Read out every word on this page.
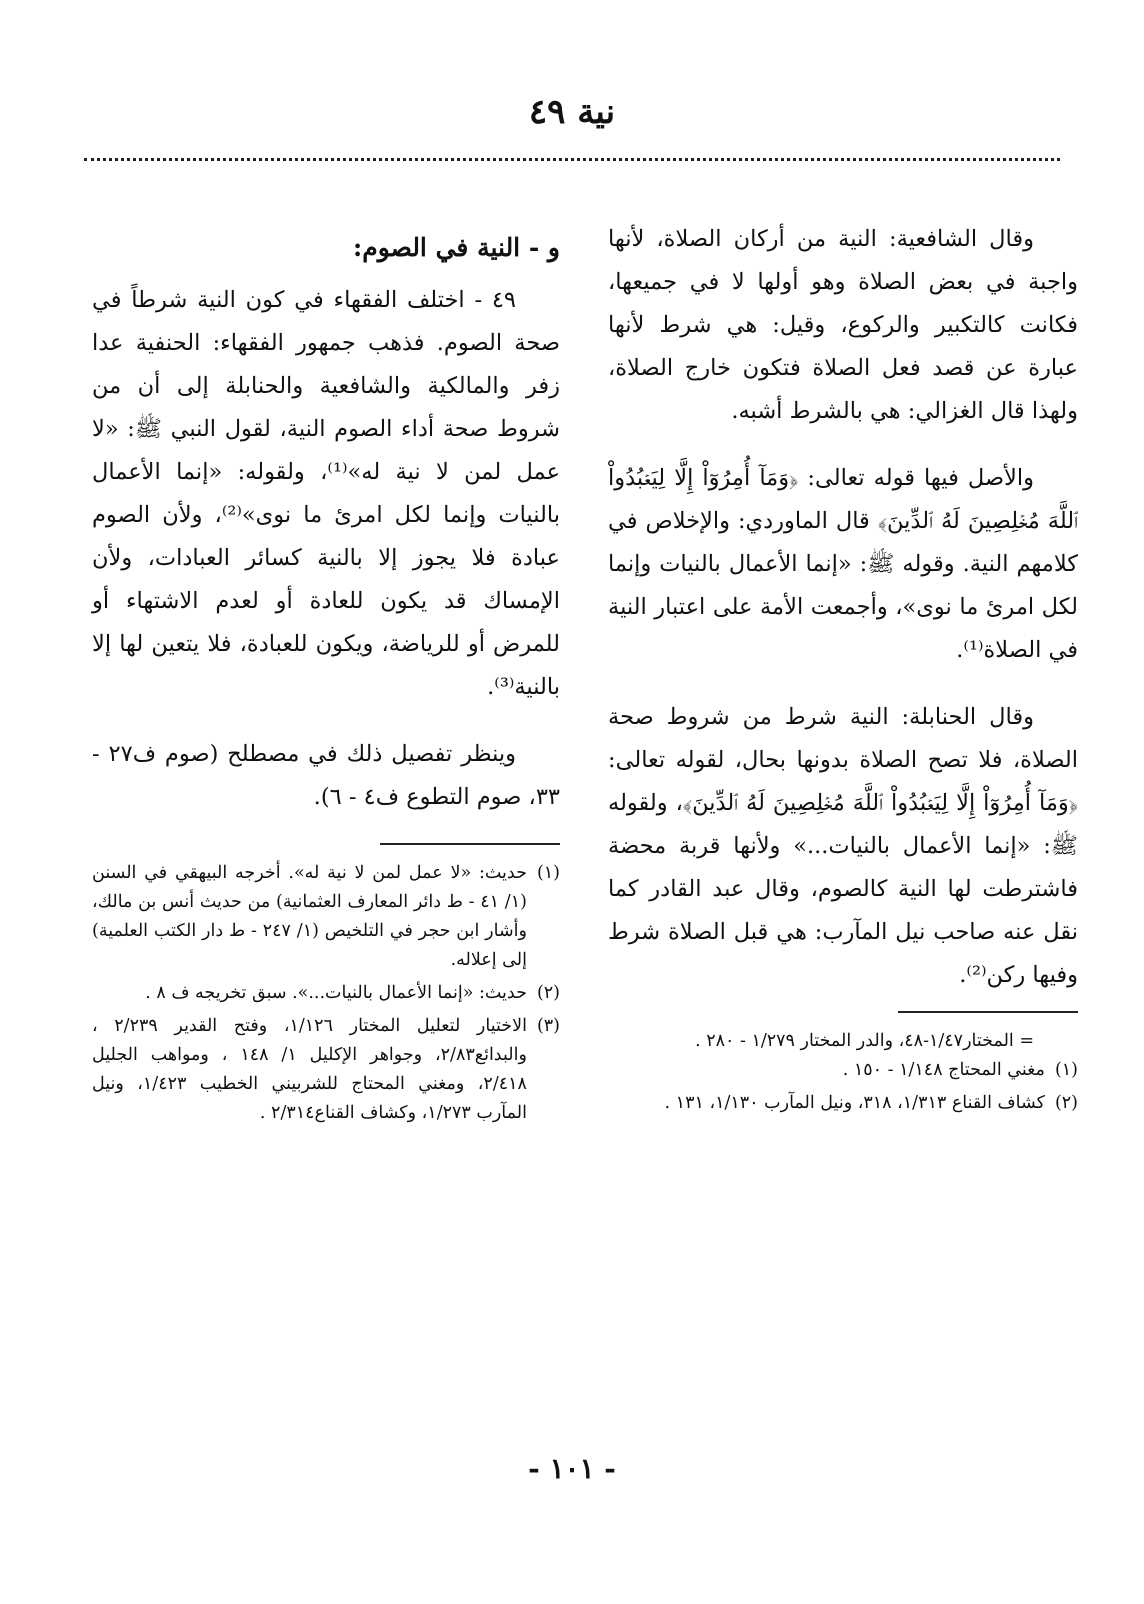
نية ٤٩

وقال الشافعية: النية من أركان الصلاة، لأنها واجبة في بعض الصلاة وهو أولها لا في جميعها، فكانت كالتكبير والركوع، وقيل: هي شرط لأنها عبارة عن قصد فعل الصلاة فتكون خارج الصلاة، ولهذا قال الغزالي: هي بالشرط أشبه.

والأصل فيها قوله تعالى: ﴿وَمَآ أُمِرُوٓاْ إِلَّا لِيَعۡبُدُواْ ٱللَّهَ مُخۡلِصِينَ لَهُ ٱلدِّينَ﴾ قال الماوردي: والإخلاص في كلامهم النية. وقوله ﷺ: «إنما الأعمال بالنيات وإنما لكل امرئ ما نوى»، وأجمعت الأمة على اعتبار النية في الصلاة⁽¹⁾.

وقال الحنابلة: النية شرط من شروط صحة الصلاة، فلا تصح الصلاة بدونها بحال، لقوله تعالى: ﴿وَمَآ أُمِرُوٓاْ إِلَّا لِيَعۡبُدُواْ ٱللَّهَ مُخۡلِصِينَ لَهُ ٱلدِّينَ﴾، ولقوله ﷺ: «إنما الأعمال بالنيات...» ولأنها قربة محضة فاشترطت لها النية كالصوم، وقال عبد القادر كما نقل عنه صاحب نيل المآرب: هي قبل الصلاة شرط وفيها ركن⁽²⁾.

= المختار١/٤٧-٤٨، والدر المختار ١/٢٧٩ - ٢٨٠ .

(١)
مغني المحتاج ١/١٤٨ - ١٥٠ .
(٢)
كشاف القناع ١/٣١٣، ٣١٨، ونيل المآرب ١/١٣٠، ١٣١ .
و - النية في الصوم:

٤٩ - اختلف الفقهاء في كون النية شرطاً في صحة الصوم. فذهب جمهور الفقهاء: الحنفية عدا زفر والمالكية والشافعية والحنابلة إلى أن من شروط صحة أداء الصوم النية، لقول النبي ﷺ: «لا عمل لمن لا نية له»⁽¹⁾، ولقوله: «إنما الأعمال بالنيات وإنما لكل امرئ ما نوى»⁽²⁾، ولأن الصوم عبادة فلا يجوز إلا بالنية كسائر العبادات، ولأن الإمساك قد يكون للعادة أو لعدم الاشتهاء أو للمرض أو للرياضة، ويكون للعبادة، فلا يتعين لها إلا بالنية⁽³⁾.

وينظر تفصيل ذلك في مصطلح (صوم ف٢٧ - ٣٣، صوم التطوع ف٤ - ٦).

(١)
حديث: «لا عمل لمن لا نية له». أخرجه البيهقي في السنن (١/ ٤١ - ط دائر المعارف العثمانية) من حديث أنس بن مالك، وأشار ابن حجر في التلخيص (١/ ٢٤٧ - ط دار الكتب العلمية) إلى إعلاله.
(٢)
حديث: «إنما الأعمال بالنيات...». سبق تخريجه ف ٨ .
(٣)
الاختيار لتعليل المختار ١/١٢٦، وفتح القدير ٢/٢٣٩ ، والبدائع٢/٨٣، وجواهر الإكليل ١/ ١٤٨ ، ومواهب الجليل ٢/٤١٨، ومغني المحتاج للشربيني الخطيب ١/٤٢٣، ونيل المآرب ١/٢٧٣، وكشاف القناع٢/٣١٤ .
- ١٠١ -
